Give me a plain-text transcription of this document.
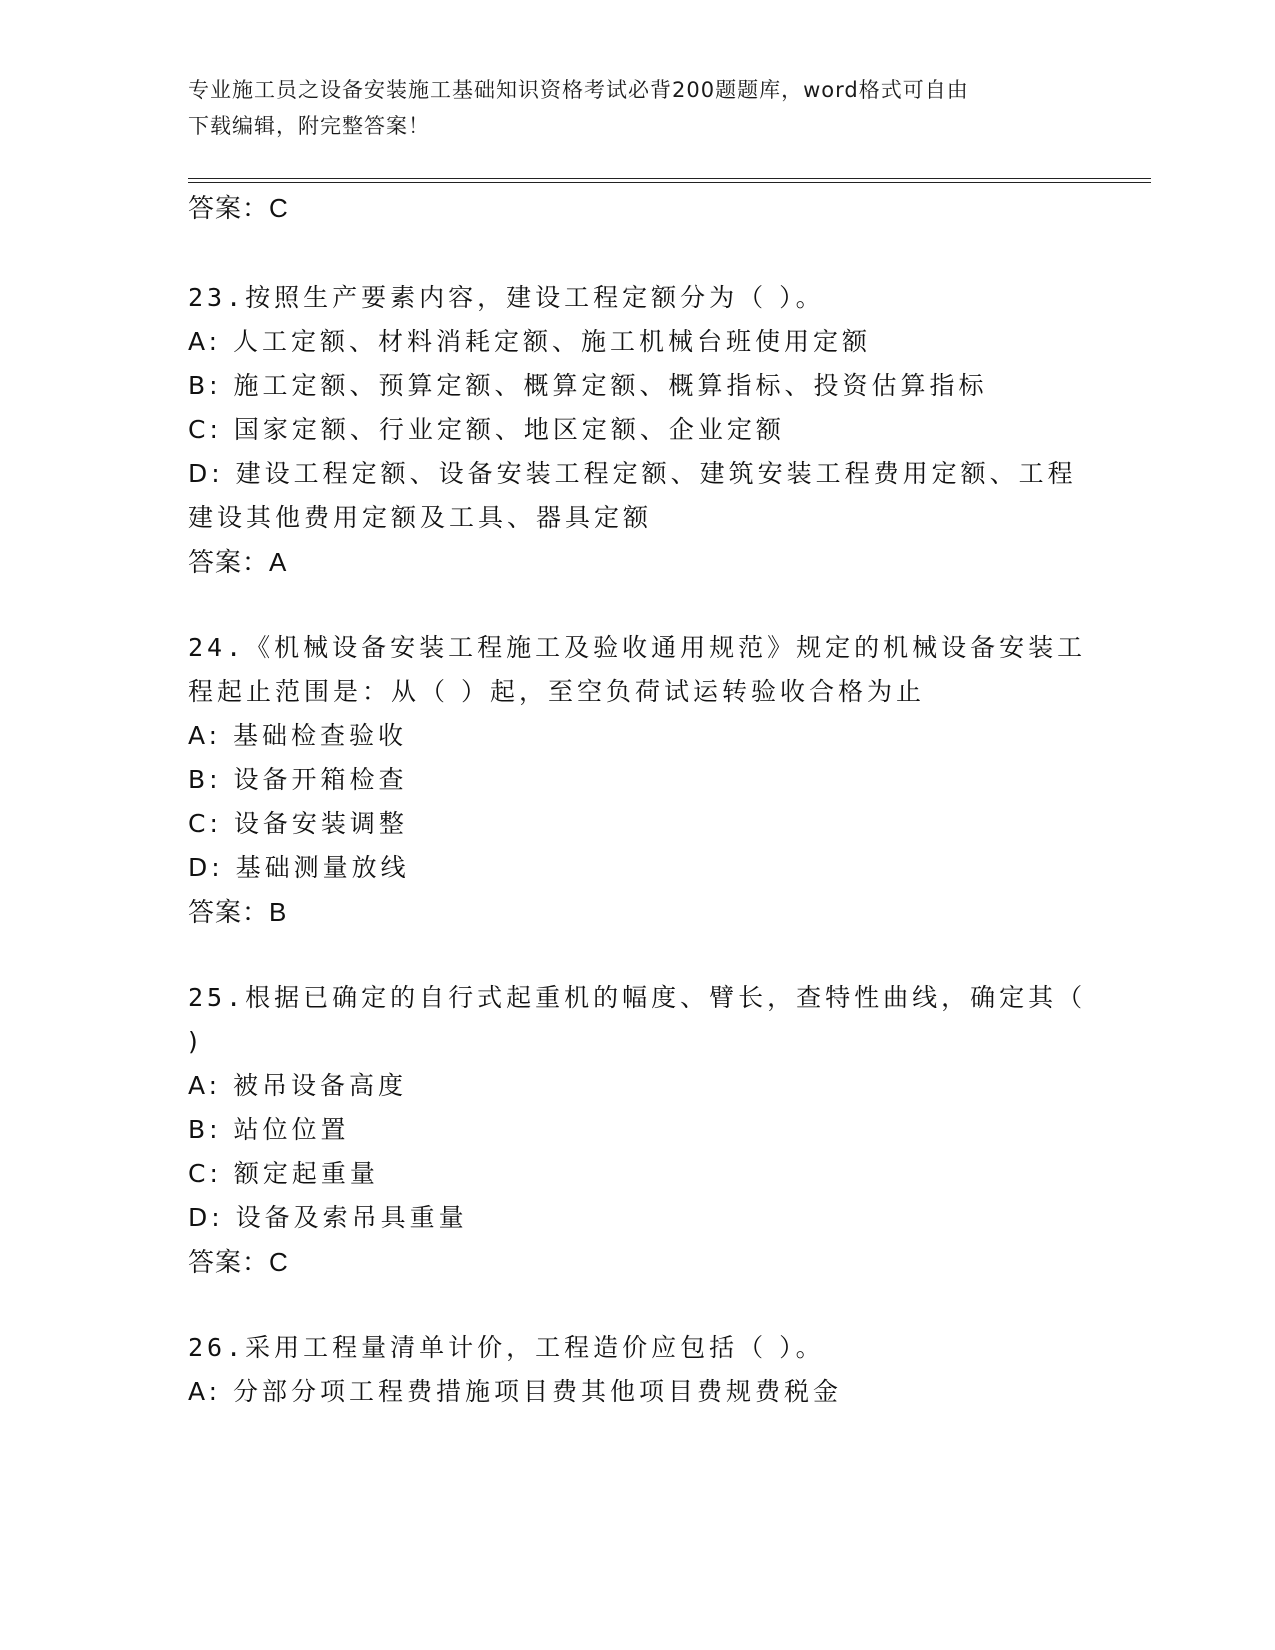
专业施工员之设备安装施工基础知识资格考试必背200题题库，word格式可自由
下载编辑，附完整答案！
答案：C
23.按照生产要素内容，建设工程定额分为（ ）。
A: 人工定额、材料消耗定额、施工机械台班使用定额
B: 施工定额、预算定额、概算定额、概算指标、投资估算指标
C: 国家定额、行业定额、地区定额、企业定额
D: 建设工程定额、设备安装工程定额、建筑安装工程费用定额、工程
建设其他费用定额及工具、器具定额
答案：A
24.《机械设备安装工程施工及验收通用规范》规定的机械设备安装工
程起止范围是：从（ ）起，至空负荷试运转验收合格为止
A: 基础检查验收
B: 设备开箱检查
C: 设备安装调整
D: 基础测量放线
答案：B
25.根据已确定的自行式起重机的幅度、臂长，查特性曲线，确定其（
)
A: 被吊设备高度
B: 站位位置
C: 额定起重量
D: 设备及索吊具重量
答案：C
26.采用工程量清单计价，工程造价应包括（ ）。
A: 分部分项工程费措施项目费其他项目费规费税金
